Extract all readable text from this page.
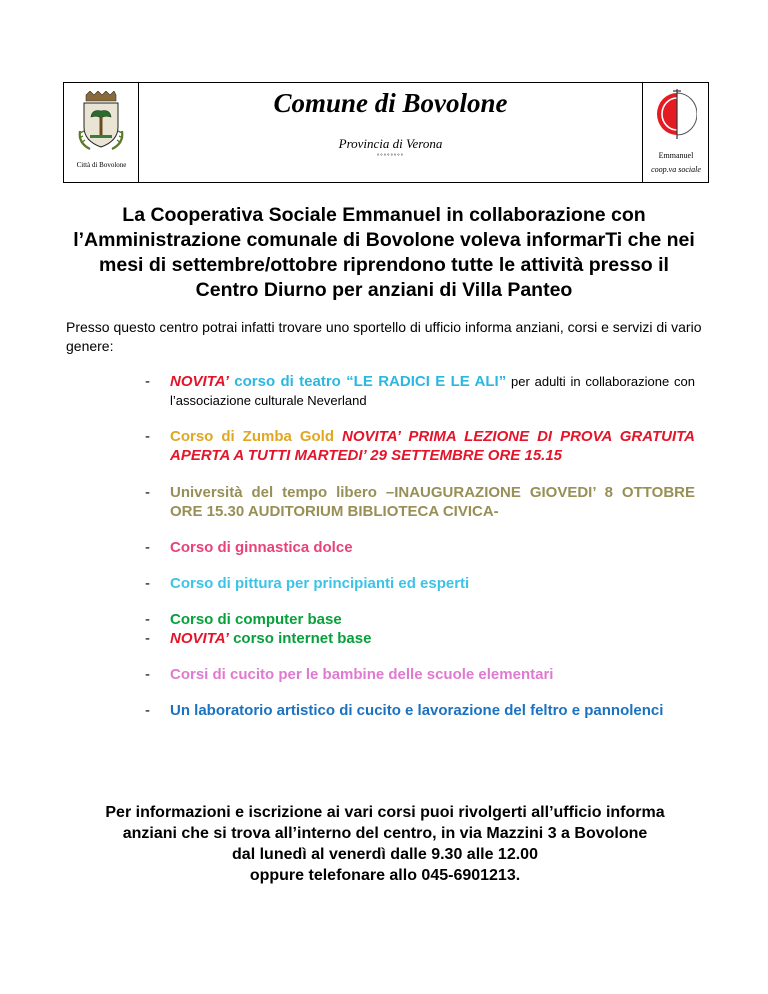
Città di Bovolone
Comune di Bovolone
Provincia di Verona
°°°°°°°°	Emmanuel
coop.va sociale
La Cooperativa Sociale Emmanuel in collaborazione con
l’Amministrazione comunale di Bovolone voleva informarTi che nei
mesi di settembre/ottobre riprendono tutte le attività presso il
Centro Diurno per anziani di Villa Panteo
Presso questo centro potrai infatti trovare uno sportello di ufficio informa anziani, corsi e servizi di vario genere:
- NOVITA’ corso di teatro “LE RADICI E LE ALI” per adulti in collaborazione con l’associazione culturale Neverland
- Corso di Zumba Gold NOVITA’ PRIMA LEZIONE DI PROVA GRATUITA APERTA A TUTTI MARTEDI’ 29 SETTEMBRE ORE 15.15
- Università del tempo libero –INAUGURAZIONE GIOVEDI’ 8 OTTOBRE ORE 15.30 AUDITORIUM BIBLIOTECA CIVICA-
- Corso di ginnastica dolce
- Corso di pittura per principianti ed esperti
- Corso di computer base
- NOVITA’ corso internet base
- Corsi di cucito per le bambine delle scuole elementari
- Un laboratorio artistico di cucito e lavorazione del feltro e pannolenci
Per informazioni e iscrizione ai vari corsi puoi rivolgerti all’ufficio informa
anziani che si trova all’interno del centro, in via Mazzini 3 a Bovolone
dal lunedì al venerdì dalle 9.30 alle 12.00
oppure telefonare allo 045-6901213.
